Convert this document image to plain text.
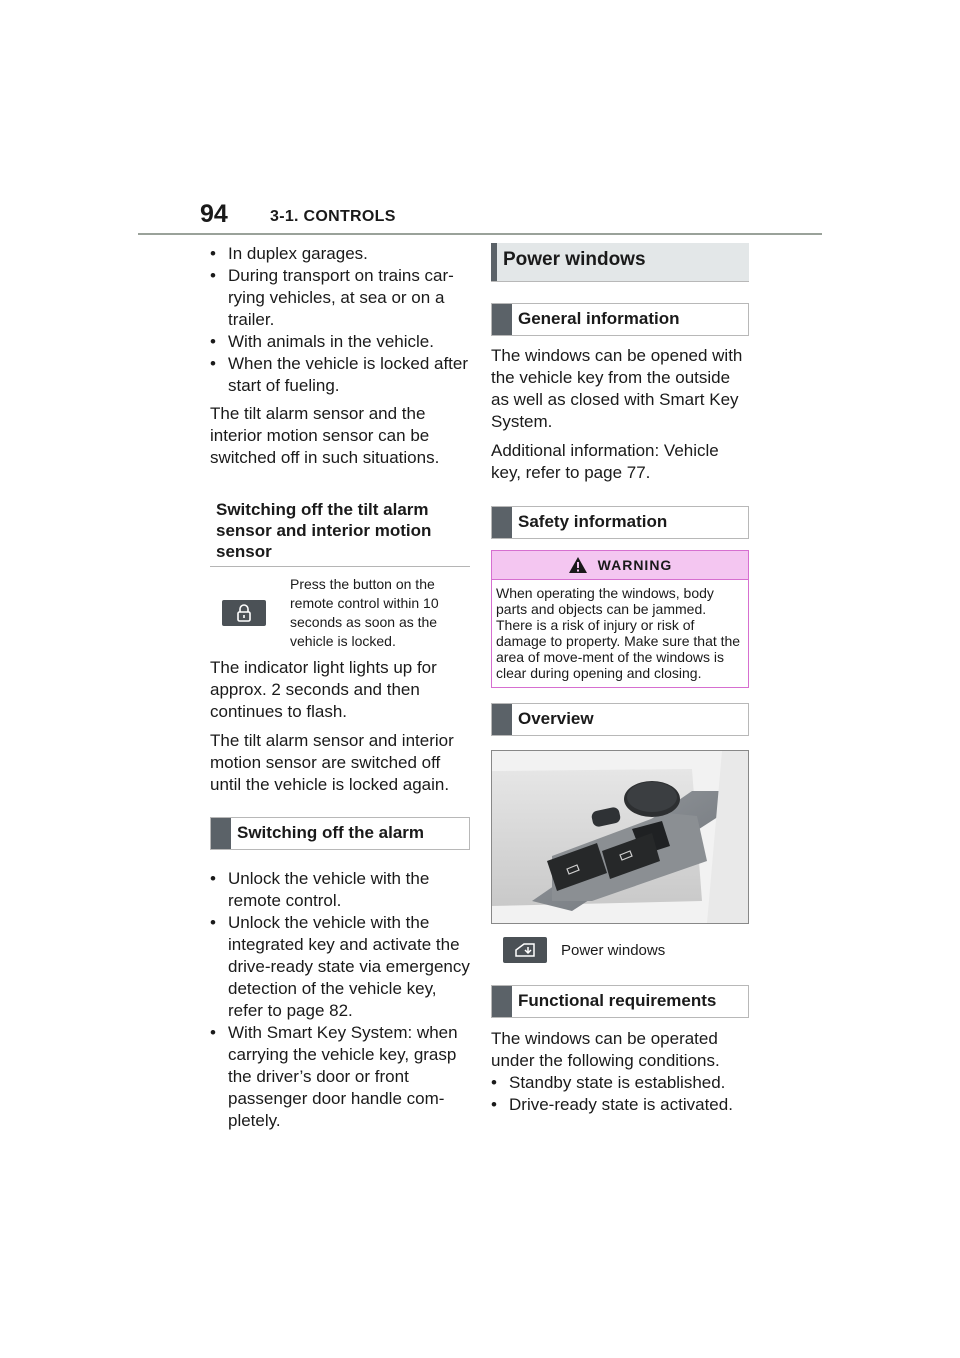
94	3-1. CONTROLS
• In duplex garages.
• During transport on trains car-rying vehicles, at sea or on a trailer.
• With animals in the vehicle.
• When the vehicle is locked after start of fueling.

The tilt alarm sensor and the interior motion sensor can be switched off in such situations.

Switching off the tilt alarm sensor and interior motion sensor
Press the button on the remote control within 10 seconds as soon as the vehicle is locked.

The indicator light lights up for approx. 2 seconds and then continues to flash.

The tilt alarm sensor and interior motion sensor are switched off until the vehicle is locked again.

Switching off the alarm
• Unlock the vehicle with the remote control.
• Unlock the vehicle with the integrated key and activate the drive-ready state via emergency detection of the vehicle key, refer to page 82.
• With Smart Key System: when carrying the vehicle key, grasp the driver’s door or front passenger door handle com-pletely.
Power windows
General information

The windows can be opened with the vehicle key from the outside as well as closed with Smart Key System.

Additional information: Vehicle key, refer to page 77.

Safety information
WARNING
When operating the windows, body parts and objects can be jammed. There is a risk of injury or risk of damage to property. Make sure that the area of move-ment of the windows is clear during opening and closing.
Overview
Power windows
Functional requirements

The windows can be operated under the following conditions.

• Standby state is established.
• Drive-ready state is activated.
